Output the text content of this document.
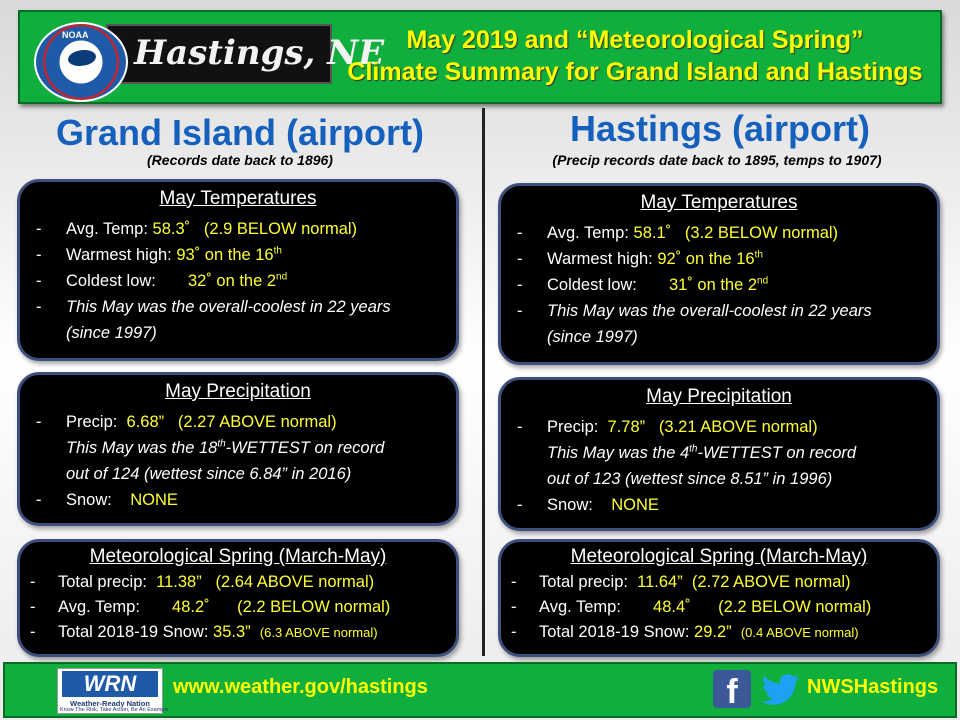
NOAA Hastings, NE May 2019 and “Meteorological Spring”
Climate Summary for Grand Island and Hastings
Grand Island (airport)
(Records date back to 1896)
May Temperatures
- Avg. Temp: 58.3˚ (2.9 BELOW normal)
- Warmest high: 93˚ on the 16th
- Coldest low: 32˚ on the 2nd
- This May was the overall-coolest in 22 years
(since 1997)
May Precipitation
- Precip: 6.68” (2.27 ABOVE normal)
This May was the 18th-WETTEST on record
out of 124 (wettest since 6.84” in 2016)
- Snow: NONE
Meteorological Spring (March-May)
- Total precip: 11.38” (2.64 ABOVE normal)
- Avg. Temp: 48.2˚ (2.2 BELOW normal)
- Total 2018-19 Snow: 35.3” (6.3 ABOVE normal)
Hastings (airport)
(Precip records date back to 1895, temps to 1907)
May Temperatures
- Avg. Temp: 58.1˚ (3.2 BELOW normal)
- Warmest high: 92˚ on the 16th
- Coldest low: 31˚ on the 2nd
- This May was the overall-coolest in 22 years
(since 1997)
May Precipitation
- Precip: 7.78” (3.21 ABOVE normal)
This May was the 4th-WETTEST on record
out of 123 (wettest since 8.51” in 1996)
- Snow: NONE
Meteorological Spring (March-May)
- Total precip: 11.64” (2.72 ABOVE normal)
- Avg. Temp: 48.4˚ (2.2 BELOW normal)
- Total 2018-19 Snow: 29.2” (0.4 ABOVE normal)
WRN
Weather-Ready Nation
Know The Risk, Take Action, Be An Example
www.weather.gov/hastings	f	NWSHastings
